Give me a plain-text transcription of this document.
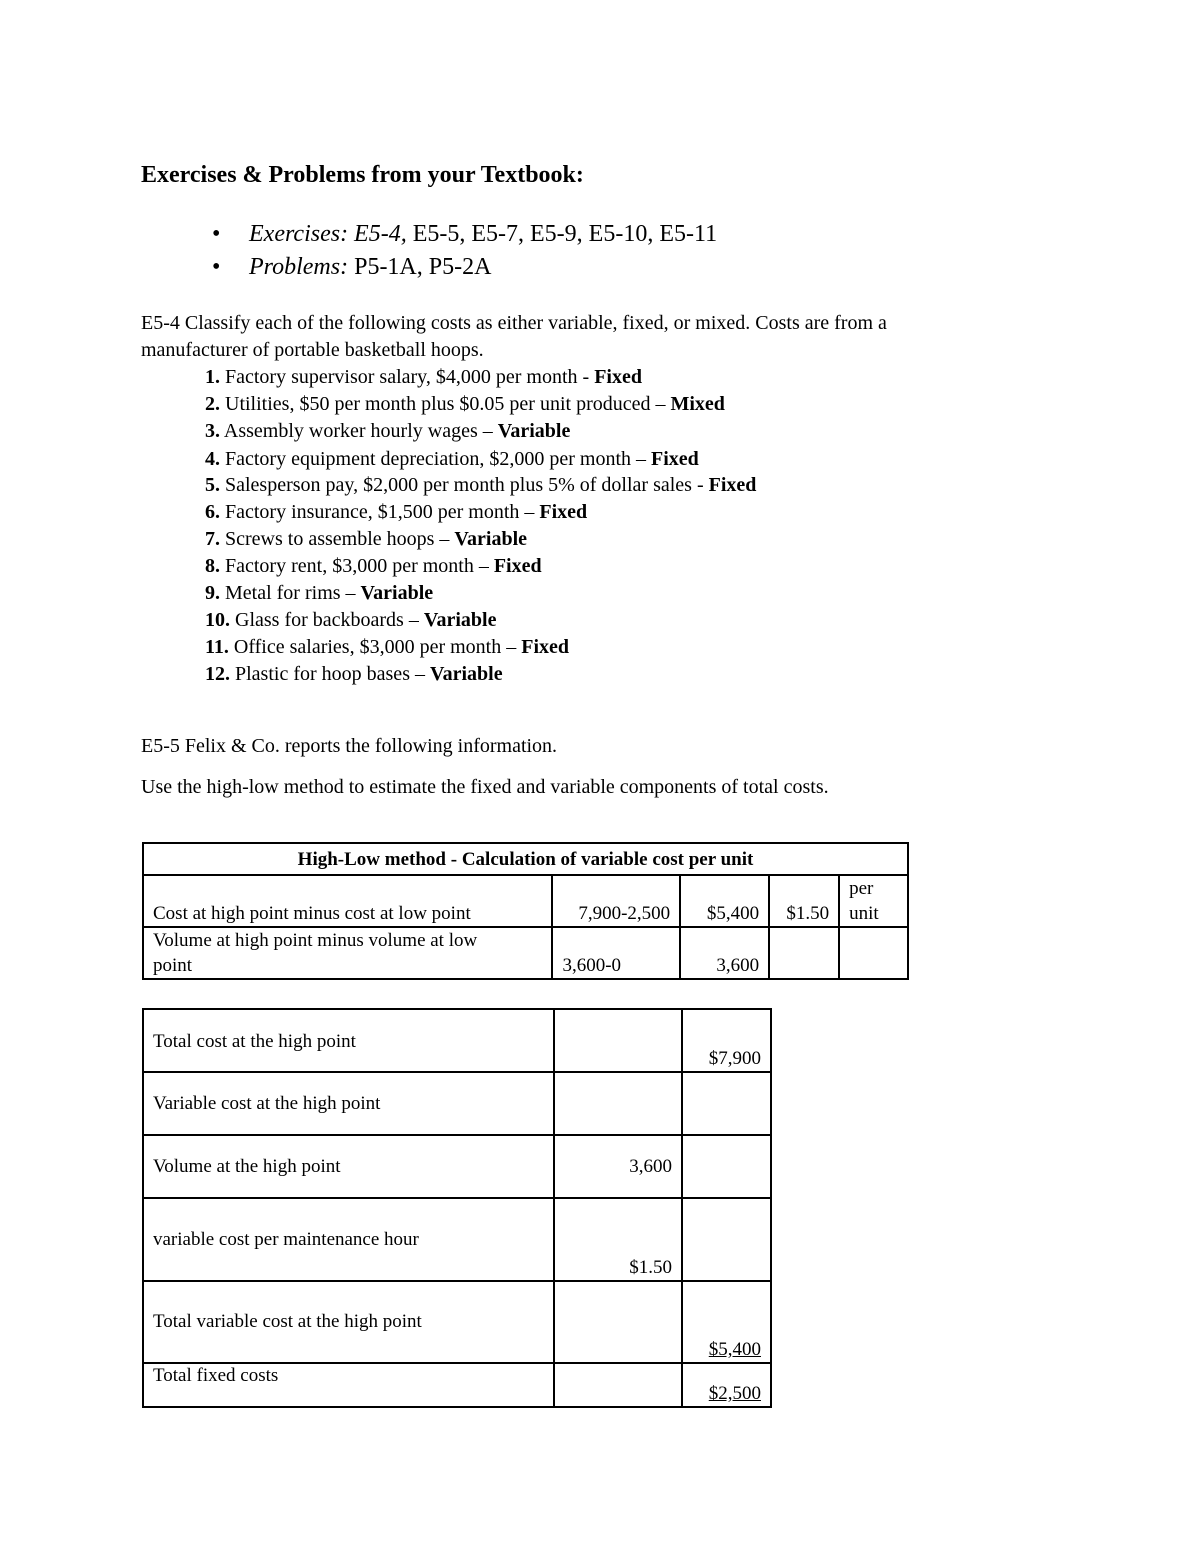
Exercises & Problems from your Textbook:
• Exercises: E5-4, E5-5, E5-7, E5-9, E5-10, E5-11
• Problems: P5-1A, P5-2A
E5-4 Classify each of the following costs as either variable, fixed, or mixed. Costs are from a
manufacturer of portable basketball hoops.
1. Factory supervisor salary, $4,000 per month - Fixed
2. Utilities, $50 per month plus $0.05 per unit produced – Mixed
3. Assembly worker hourly wages – Variable
4. Factory equipment depreciation, $2,000 per month – Fixed
5. Salesperson pay, $2,000 per month plus 5% of dollar sales - Fixed
6. Factory insurance, $1,500 per month – Fixed
7. Screws to assemble hoops – Variable
8. Factory rent, $3,000 per month – Fixed
9. Metal for rims – Variable
10. Glass for backboards – Variable
11. Office salaries, $3,000 per month – Fixed
12. Plastic for hoop bases – Variable
E5-5 Felix & Co. reports the following information.
Use the high-low method to estimate the fixed and variable components of total costs.
High-Low method - Calculation of variable cost per unit				
Cost at high point minus cost at low point	7,900-2,500	$5,400	$1.50	per
unit
Volume at high point minus volume at low
point	3,600-0	3,600		
Total cost at the high point		$7,900
Variable cost at the high point		
Volume at the high point	3,600	
variable cost per maintenance hour	$1.50	
Total variable cost at the high point		$5,400
Total fixed costs		$2,500
